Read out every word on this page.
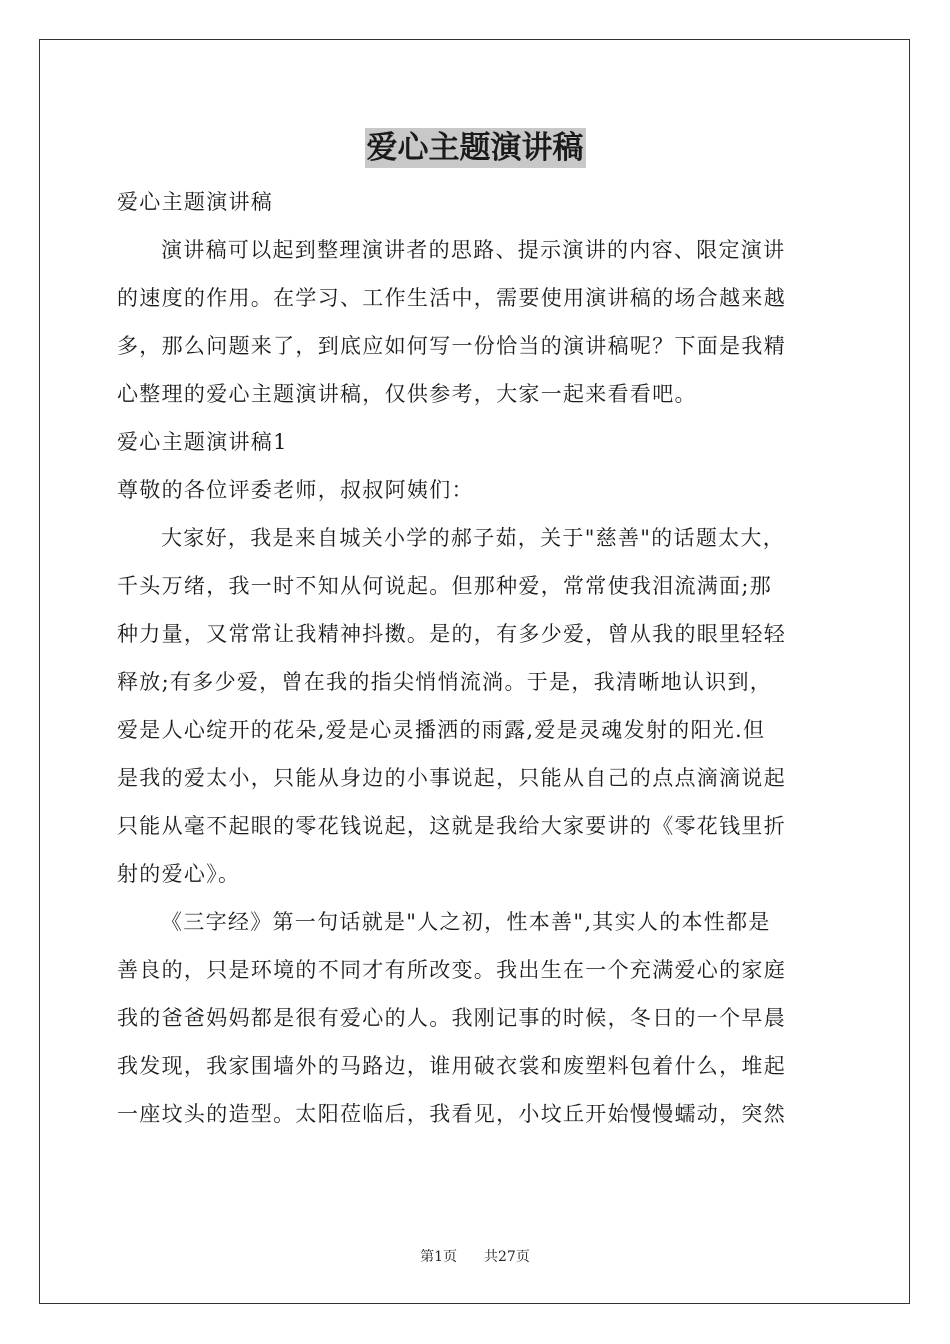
爱心主题演讲稿
爱心主题演讲稿
演讲稿可以起到整理演讲者的思路、提示演讲的内容、限定演讲
的速度的作用。在学习、工作生活中，需要使用演讲稿的场合越来越
多，那么问题来了，到底应如何写一份恰当的演讲稿呢？下面是我精
心整理的爱心主题演讲稿，仅供参考，大家一起来看看吧。
爱心主题演讲稿1
尊敬的各位评委老师，叔叔阿姨们：
大家好，我是来自城关小学的郝子茹，关于"慈善"的话题太大，
千头万绪，我一时不知从何说起。但那种爱，常常使我泪流满面;那
种力量，又常常让我精神抖擞。是的，有多少爱，曾从我的眼里轻轻
释放;有多少爱，曾在我的指尖悄悄流淌。于是，我清晰地认识到，
爱是人心绽开的花朵,爱是心灵播洒的雨露,爱是灵魂发射的阳光.但
是我的爱太小，只能从身边的小事说起，只能从自己的点点滴滴说起
只能从毫不起眼的零花钱说起，这就是我给大家要讲的《零花钱里折
射的爱心》。
《三字经》第一句话就是"人之初，性本善",其实人的本性都是
善良的，只是环境的不同才有所改变。我出生在一个充满爱心的家庭
我的爸爸妈妈都是很有爱心的人。我刚记事的时候，冬日的一个早晨
我发现，我家围墙外的马路边，谁用破衣裳和废塑料包着什么，堆起
一座坟头的造型。太阳莅临后，我看见，小坟丘开始慢慢蠕动，突然
第1页 共27页
